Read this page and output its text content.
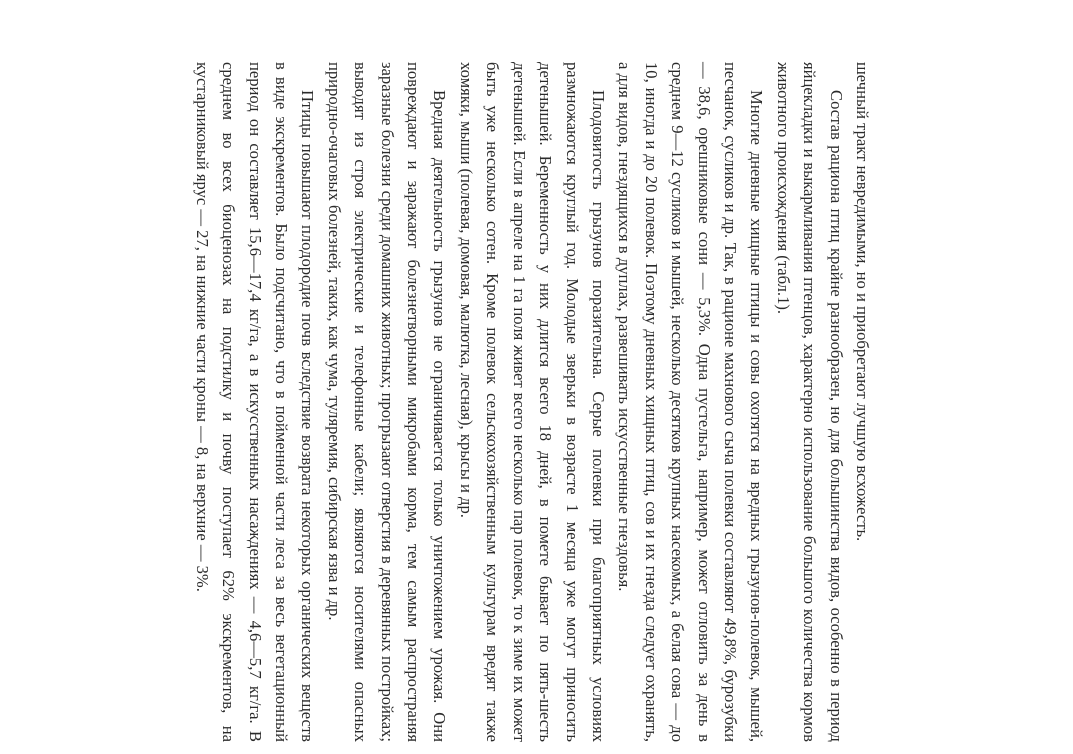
шечный тракт невредимыми, но и приобретают лучшую всхожесть.

Состав рациона птиц крайне разнообразен, но для большинства видов, особенно в период яйцекладки и выкармливания птенцов, характерно использование большого количества кормов животного происхождения (табл.1).

Многие дневные хищные птицы и совы охотятся на вредных грызунов-полевок, мышей, песчанок, сусликов и др. Так, в рационе махнового сыча полевки составляют 49,8%, бурозубки — 38,6, орешниковые сони — 5,3%. Одна пустельга, например, может отловить за день в среднем 9—12 сусликов и мышей, несколько десятков крупных насекомых, а белая сова — до 10, иногда и до 20 полевок. Поэтому дневных хищных птиц, сов и их гнезда следует охранять, а для видов, гнездящихся в дуплах, развешивать искусственные гнездовья.

Плодовитость грызунов поразительна. Серые полевки при благоприятных условиях размножаются круглый год. Молодые зверьки в возрасте 1 месяца уже могут приносить детенышей. Беременность у них длится всего 18 дней, в помете бывает по пять-шесть детенышей. Если в апреле на 1 га поля живет всего несколько пар полевок, то к зиме их может быть уже несколько сотен. Кроме полевок сельскохозяйственным культурам вредят также хомяки, мыши (полевая, домовая, малютка, лесная), крысы и др.

Вредная деятельность грызунов не ограничивается только уничтожением урожая. Они повреждают и заражают болезнетворными микробами корма, тем самым распространяя заразные болезни среди домашних животных; прогрызают отверстия в деревянных постройках; выводят из строя электрические и телефонные кабели; являются носителями опасных природно-очаговых болезней, таких, как чума, туляремия, сибирская язва и др.

Птицы повышают плодородие почв вследствие возврата некоторых органических веществ в виде экскрементов. Было подсчитано, что в пойменной части леса за весь вегетационный период он составляет 15,6—17,4 кг/га, а в искусственных насаждениях — 4,6—5,7 кг/га. В среднем во всех биоценозах на подстилку и почву поступает 62% экскрементов, на кустарниковый ярус — 27, на нижние части кроны — 8, на верхние — 3%.
